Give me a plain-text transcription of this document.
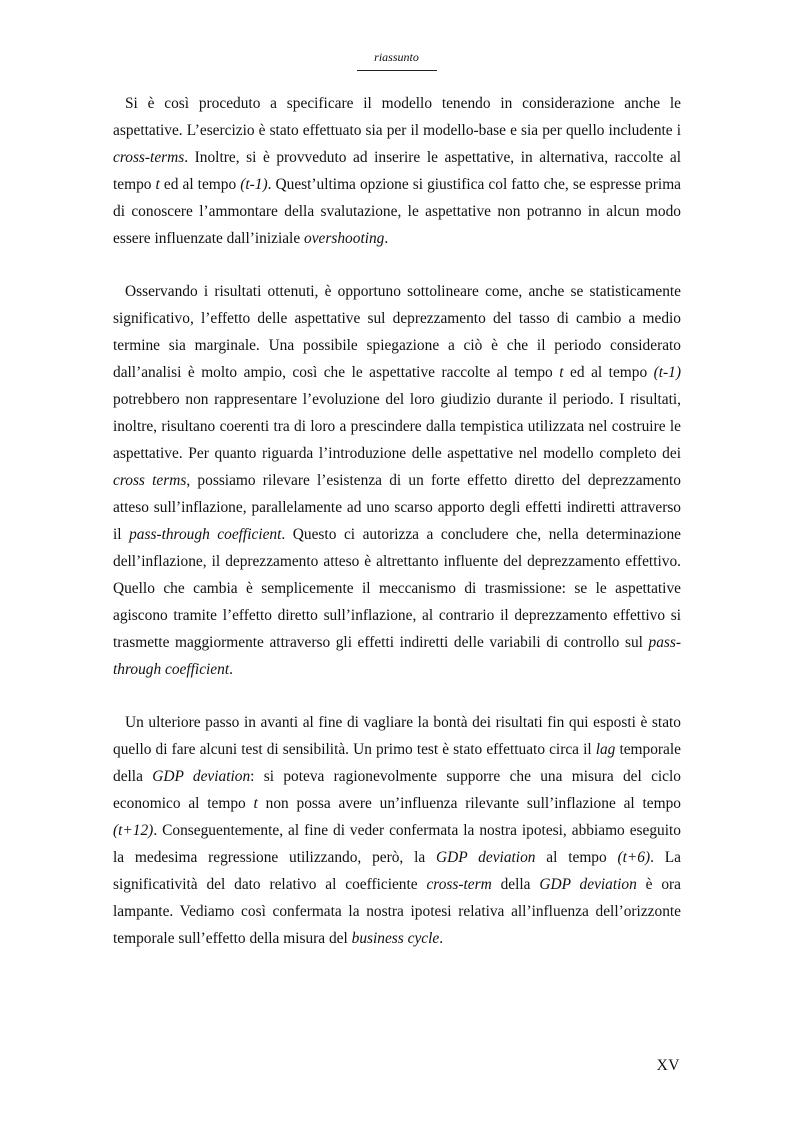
riassunto

Si è così proceduto a specificare il modello tenendo in considerazione anche le aspettative. L’esercizio è stato effettuato sia per il modello-base e sia per quello includente i cross-terms. Inoltre, si è provveduto ad inserire le aspettative, in alternativa, raccolte al tempo t ed al tempo (t-1). Quest’ultima opzione si giustifica col fatto che, se espresse prima di conoscere l’ammontare della svalutazione, le aspettative non potranno in alcun modo essere influenzate dall’iniziale overshooting.

Osservando i risultati ottenuti, è opportuno sottolineare come, anche se statisticamente significativo, l’effetto delle aspettative sul deprezzamento del tasso di cambio a medio termine sia marginale. Una possibile spiegazione a ciò è che il periodo considerato dall’analisi è molto ampio, così che le aspettative raccolte al tempo t ed al tempo (t-1) potrebbero non rappresentare l’evoluzione del loro giudizio durante il periodo. I risultati, inoltre, risultano coerenti tra di loro a prescindere dalla tempistica utilizzata nel costruire le aspettative. Per quanto riguarda l’introduzione delle aspettative nel modello completo dei cross terms, possiamo rilevare l’esistenza di un forte effetto diretto del deprezzamento atteso sull’inflazione, parallelamente ad uno scarso apporto degli effetti indiretti attraverso il pass-through coefficient. Questo ci autorizza a concludere che, nella determinazione dell’inflazione, il deprezzamento atteso è altrettanto influente del deprezzamento effettivo. Quello che cambia è semplicemente il meccanismo di trasmissione: se le aspettative agiscono tramite l’effetto diretto sull’inflazione, al contrario il deprezzamento effettivo si trasmette maggiormente attraverso gli effetti indiretti delle variabili di controllo sul pass-through coefficient.

Un ulteriore passo in avanti al fine di vagliare la bontà dei risultati fin qui esposti è stato quello di fare alcuni test di sensibilità. Un primo test è stato effettuato circa il lag temporale della GDP deviation: si poteva ragionevolmente supporre che una misura del ciclo economico al tempo t non possa avere un’influenza rilevante sull’inflazione al tempo (t+12). Conseguentemente, al fine di veder confermata la nostra ipotesi, abbiamo eseguito la medesima regressione utilizzando, però, la GDP deviation al tempo (t+6). La significatività del dato relativo al coefficiente cross-term della GDP deviation è ora lampante. Vediamo così confermata la nostra ipotesi relativa all’influenza dell’orizzonte temporale sull’effetto della misura del business cycle.

XV
